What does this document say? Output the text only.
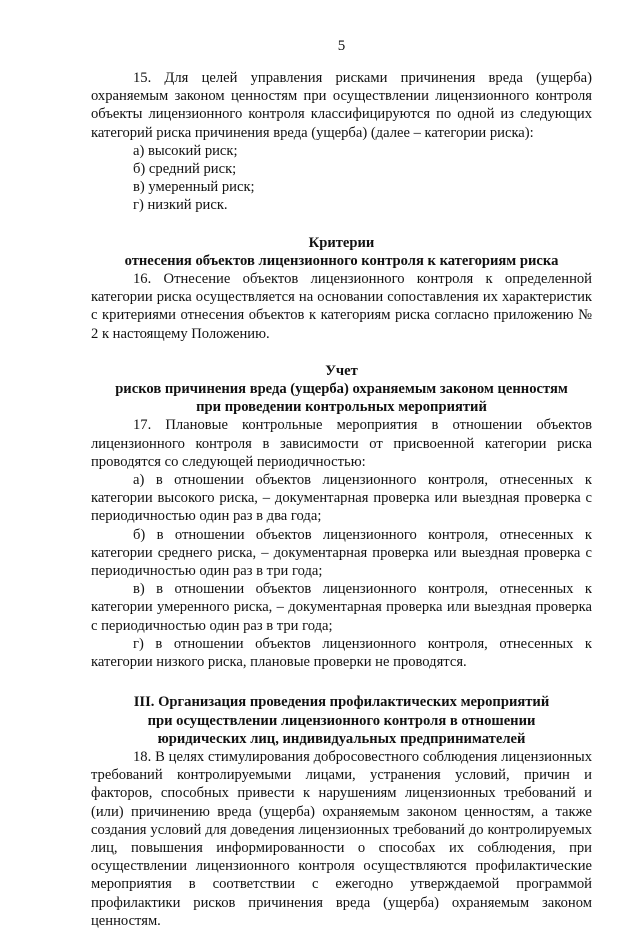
5

15. Для целей управления рисками причинения вреда (ущерба) охраняемым законом ценностям при осуществлении лицензионного контроля объекты лицензионного контроля классифицируются по одной из следующих категорий риска причинения вреда (ущерба) (далее – категории риска):

а) высокий риск;

б) средний риск;

в) умеренный риск;

г) низкий риск.

Критерии
отнесения объектов лицензионного контроля к категориям риска

16. Отнесение объектов лицензионного контроля к определенной категории риска осуществляется на основании сопоставления их характеристик с критериями отнесения объектов к категориям риска согласно приложению № 2 к настоящему Положению.

Учет
рисков причинения вреда (ущерба) охраняемым законом ценностям
при проведении контрольных мероприятий

17. Плановые контрольные мероприятия в отношении объектов лицензионного контроля в зависимости от присвоенной категории риска проводятся со следующей периодичностью:

а) в отношении объектов лицензионного контроля, отнесенных к категории высокого риска, – документарная проверка или выездная проверка с периодичностью один раз в два года;

б) в отношении объектов лицензионного контроля, отнесенных к категории среднего риска, – документарная проверка или выездная проверка с периодичностью один раз в три года;

в) в отношении объектов лицензионного контроля, отнесенных к категории умеренного риска, – документарная проверка или выездная проверка с периодичностью один раз в три года;

г) в отношении объектов лицензионного контроля, отнесенных к категории низкого риска, плановые проверки не проводятся.

III. Организация проведения профилактических мероприятий
при осуществлении лицензионного контроля в отношении
юридических лиц, индивидуальных предпринимателей

18. В целях стимулирования добросовестного соблюдения лицензионных требований контролируемыми лицами, устранения условий, причин и факторов, способных привести к нарушениям лицензионных требований и (или) причинению вреда (ущерба) охраняемым законом ценностям, а также создания условий для доведения лицензионных требований до контролируемых лиц, повышения информированности о способах их соблюдения, при осуществлении лицензионного контроля осуществляются профилактические мероприятия в соответствии с ежегодно утверждаемой программой профилактики рисков причинения вреда (ущерба) охраняемым законом ценностям.
